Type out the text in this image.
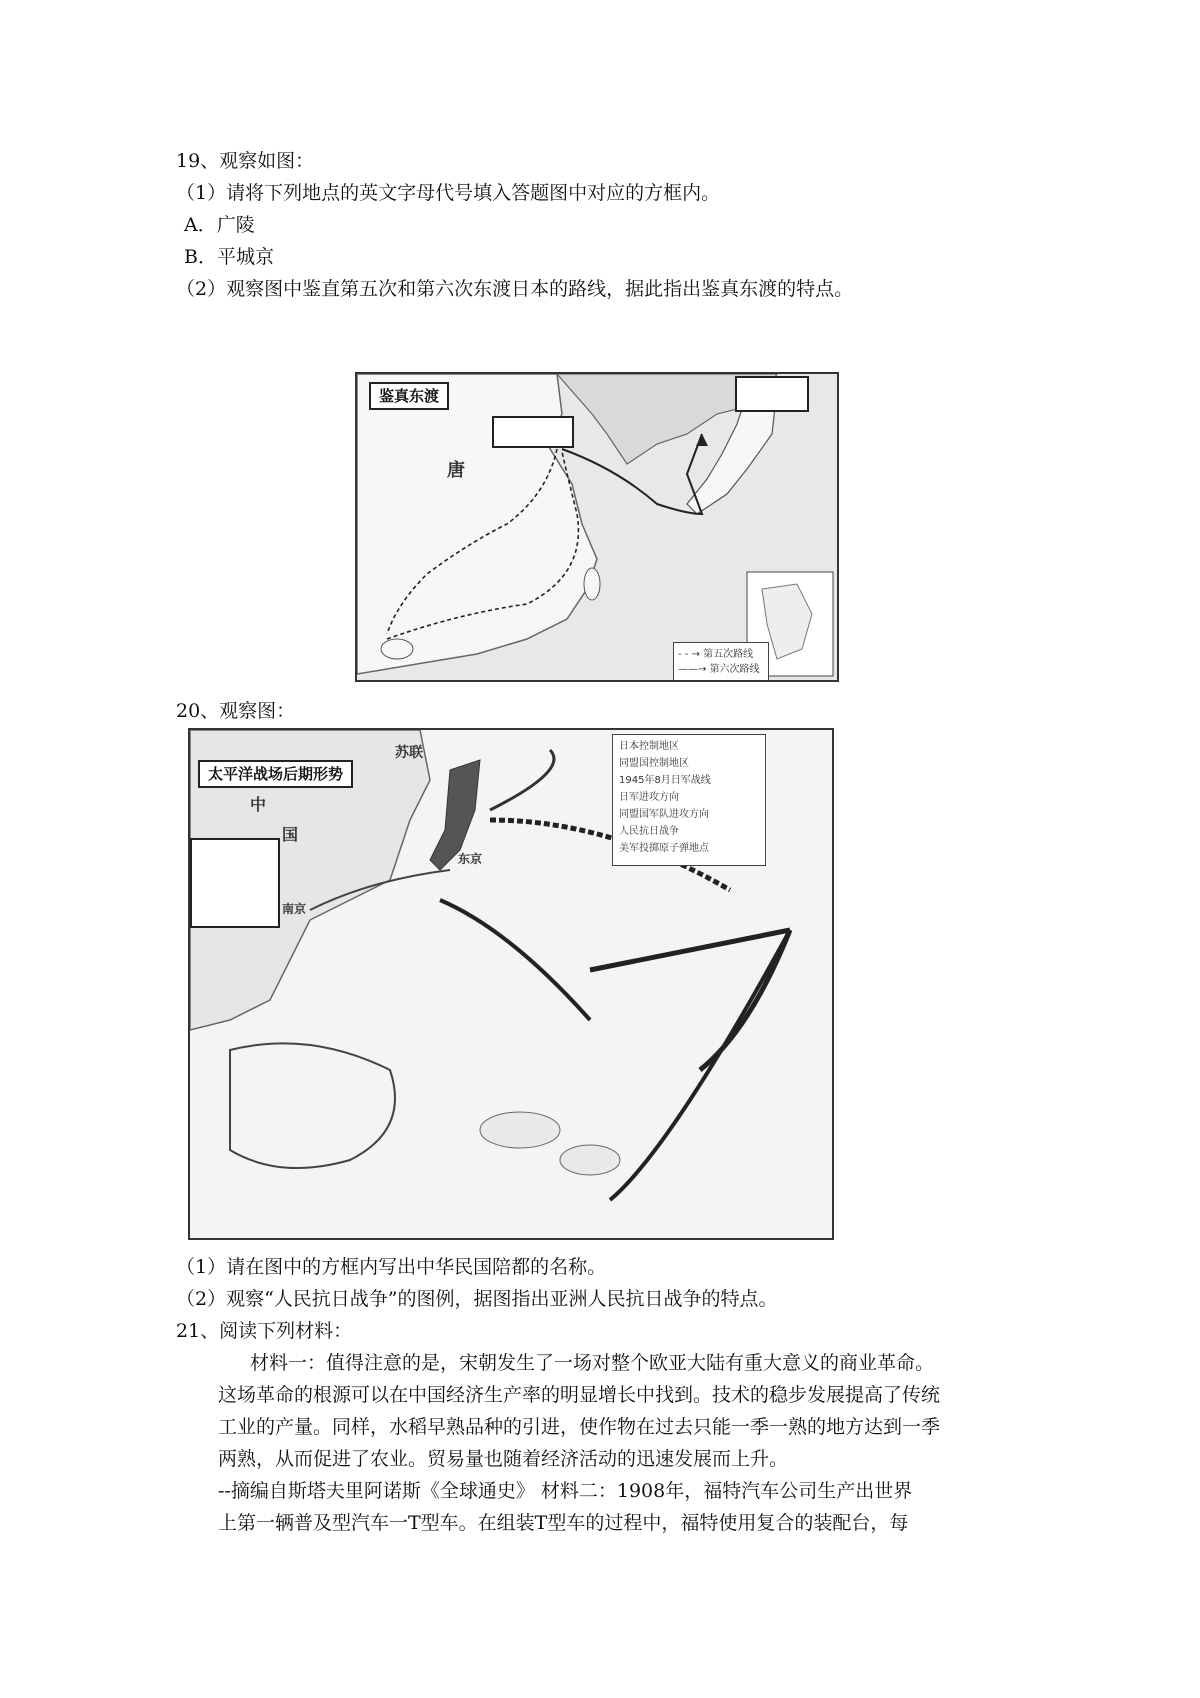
19、观察如图：
（1）请将下列地点的英文字母代号填入答题图中对应的方框内。
A．广陵
B．平城京
（2）观察图中鉴直第五次和第六次东渡日本的路线，据此指出鉴真东渡的特点。
鉴真东渡
唐
- - → 第五次路线
——→ 第六次路线
20、观察图：
太平洋战场后期形势
苏联
中
国
南京
东京
日本控制地区
同盟国控制地区
1945年8月日军战线
日军进攻方向
同盟国军队进攻方向
人民抗日战争
美军投掷原子弹地点
（1）请在图中的方框内写出中华民国陪都的名称。
（2）观察“人民抗日战争”的图例，据图指出亚洲人民抗日战争的特点。
21、阅读下列材料：
材料一：值得注意的是，宋朝发生了一场对整个欧亚大陆有重大意义的商业革命。
这场革命的根源可以在中国经济生产率的明显增长中找到。技术的稳步发展提高了传统
工业的产量。同样，水稻早熟品种的引进，使作物在过去只能一季一熟的地方达到一季
两熟，从而促进了农业。贸易量也随着经济活动的迅速发展而上升。
--摘编自斯塔夫里阿诺斯《全球通史》 材料二：1908年，福特汽车公司生产出世界
上第一辆普及型汽车一T型车。在组装T型车的过程中，福特使用复合的装配台，每
